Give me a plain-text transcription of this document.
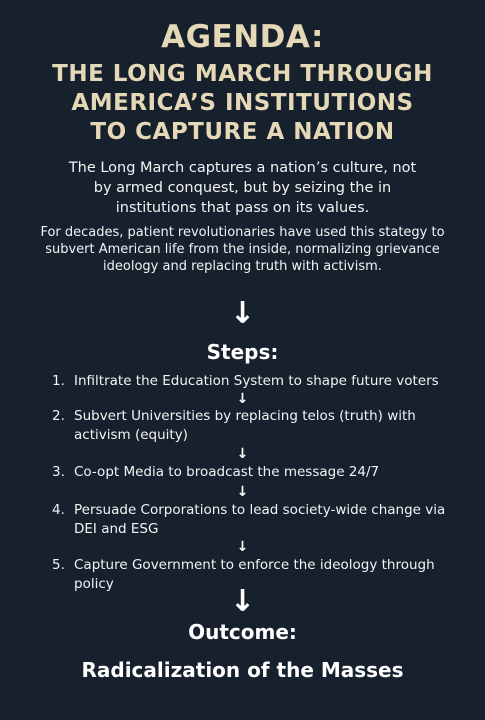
AGENDA:
THE LONG MARCH THROUGH
AMERICA’S INSTITUTIONS
TO CAPTURE A NATION
The Long March captures a nation’s culture, not by armed conquest, but by seizing the in institutions that pass on its values.
For decades, patient revolutionaries have used this stategy to subvert American life from the inside, normalizing grievance ideology and replacing truth with activism.
↓
Steps:
1. Infiltrate the Education System to shape future voters
↓
2. Subvert Universities by replacing telos (truth) with activism (equity)
↓
3. Co-opt Media to broadcast the message 24/7
↓
4. Persuade Corporations to lead society-wide change via DEI and ESG
↓
5. Capture Government to enforce the ideology through policy	↓
Outcome:
Radicalization of the Masses
